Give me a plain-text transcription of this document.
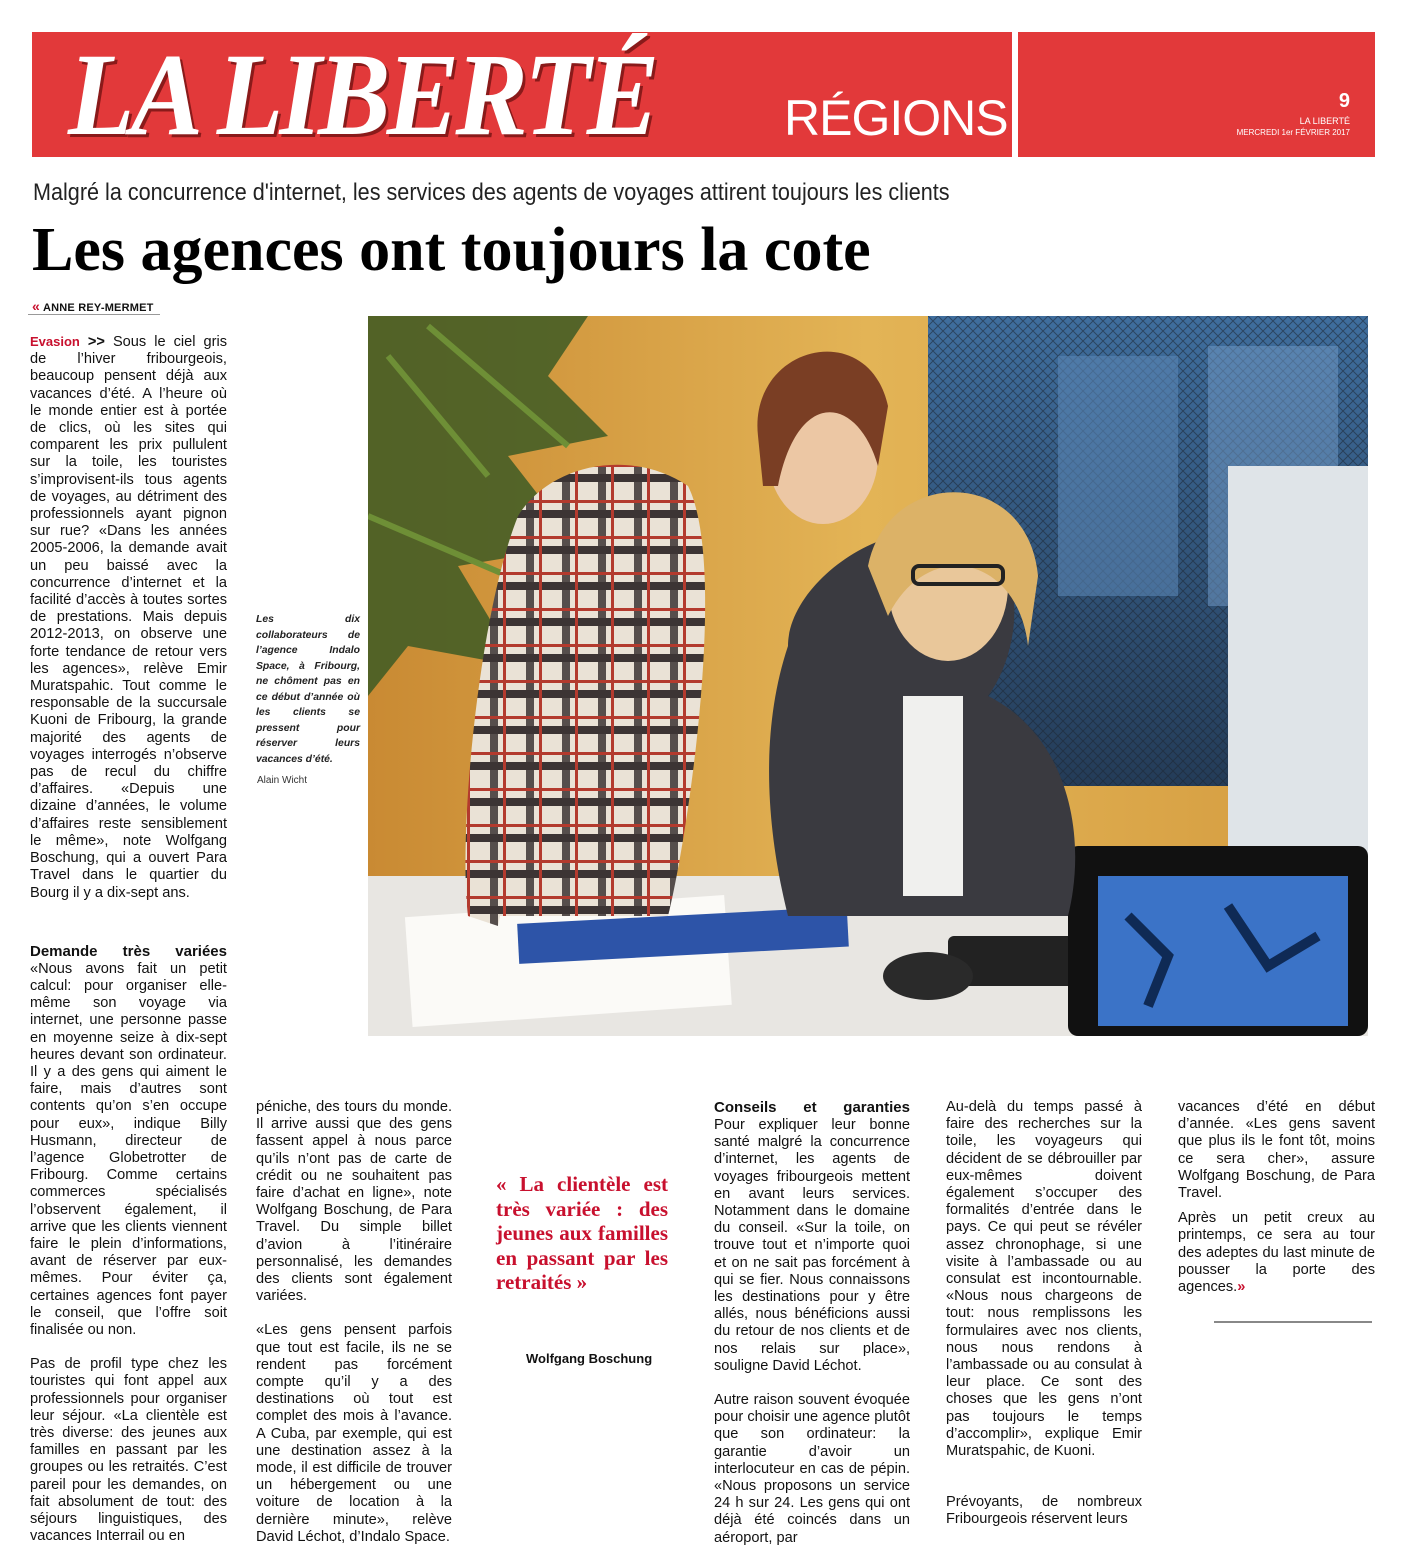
LA LIBERTÉ	RÉGIONS	9
LA LIBERTÉ
MERCREDI 1er FÉVRIER 2017
Malgré la concurrence d'internet, les services des agents de voyages attirent toujours les clients
Les agences ont toujours la cote
« ANNE REY-MERMET

Evasion >> Sous le ciel gris de l’hiver fribourgeois, beaucoup pensent déjà aux vacances d’été. A l’heure où le monde entier est à portée de clics, où les sites qui comparent les prix pullulent sur la toile, les touristes s’improvisent-ils tous agents de voyages, au détriment des professionnels ayant pignon sur rue? «Dans les années 2005-2006, la demande avait un peu baissé avec la concurrence d’internet et la facilité d’accès à toutes sortes de prestations. Mais depuis 2012-2013, on observe une forte tendance de retour vers les agences», relève Emir Muratspahic. Tout comme le responsable de la succursale Kuoni de Fribourg, la grande majorité des agents de voyages interrogés n’observe pas de recul du chiffre d’affaires. «Depuis une dizaine d’années, le volume d’affaires reste sensiblement le même», note Wolfgang Boschung, qui a ouvert Para Travel dans le quartier du Bourg il y a dix-sept ans.

Demande très variées

«Nous avons fait un petit calcul: pour organiser elle-même son voyage via internet, une personne passe en moyenne seize à dix-sept heures devant son ordinateur. Il y a des gens qui aiment le faire, mais d’autres sont contents qu’on s’en occupe pour eux», indique Billy Husmann, directeur de l’agence Globetrotter de Fribourg. Comme certains commerces spécialisés l’observent également, il arrive que les clients viennent faire le plein d’informations, avant de réserver par eux-mêmes. Pour éviter ça, certaines agences font payer le conseil, que l’offre soit finalisée ou non.

Pas de profil type chez les touristes qui font appel aux professionnels pour organiser leur séjour. «La clientèle est très diverse: des jeunes aux familles en passant par les groupes ou les retraités. C’est pareil pour les demandes, on fait absolument de tout: des séjours linguistiques, des vacances Interrail ou en

Les dix collaborateurs de l’agence Indalo Space, à Fribourg, ne chôment pas en ce début d’année où les clients se pressent pour réserver leurs vacances d’été.
Alain Wicht

péniche, des tours du monde. Il arrive aussi que des gens fassent appel à nous parce qu’ils n’ont pas de carte de crédit ou ne souhaitent pas faire d’achat en ligne», note Wolfgang Boschung, de Para Travel. Du simple billet d’avion à l’itinéraire personnalisé, les demandes des clients sont également variées.

«Les gens pensent parfois que tout est facile, ils ne se rendent pas forcément compte qu’il y a des destinations où tout est complet des mois à l’avance. A Cuba, par exemple, qui est une destination assez à la mode, il est difficile de trouver un hébergement ou une voiture de location à la dernière minute», relève David Léchot, d’Indalo Space.

« La clientèle est très variée : des jeunes aux familles en passant par les retraités »
Wolfgang Boschung
Conseils et garanties

Pour expliquer leur bonne santé malgré la concurrence d’internet, les agents de voyages fribourgeois mettent en avant leurs services. Notamment dans le domaine du conseil. «Sur la toile, on trouve tout et n’importe quoi et on ne sait pas forcément à qui se fier. Nous connaissons les destinations pour y être allés, nous bénéficions aussi du retour de nos clients et de nos relais sur place», souligne David Léchot.

Autre raison souvent évoquée pour choisir une agence plutôt que son ordinateur: la garantie d’avoir un interlocuteur en cas de pépin. «Nous proposons un service 24 h sur 24. Les gens qui ont déjà été coincés dans un aéroport, par

Au-delà du temps passé à faire des recherches sur la toile, les voyageurs qui décident de se débrouiller par eux-mêmes doivent également s’occuper des formalités d’entrée dans le pays. Ce qui peut se révéler assez chronophage, si une visite à l’ambassade ou au consulat est incontournable. «Nous nous chargeons de tout: nous remplissons les formulaires avec nos clients, nous nous rendons à l’ambassade ou au consulat à leur place. Ce sont des choses que les gens n’ont pas toujours le temps d’accomplir», explique Emir Muratspahic, de Kuoni.

Prévoyants, de nombreux Fribourgeois réservent leurs

vacances d’été en début d’année. «Les gens savent que plus ils le font tôt, moins ce sera cher», assure Wolfgang Boschung, de Para Travel.

Après un petit creux au printemps, ce sera au tour des adeptes du last minute de pousser la porte des agences.»
